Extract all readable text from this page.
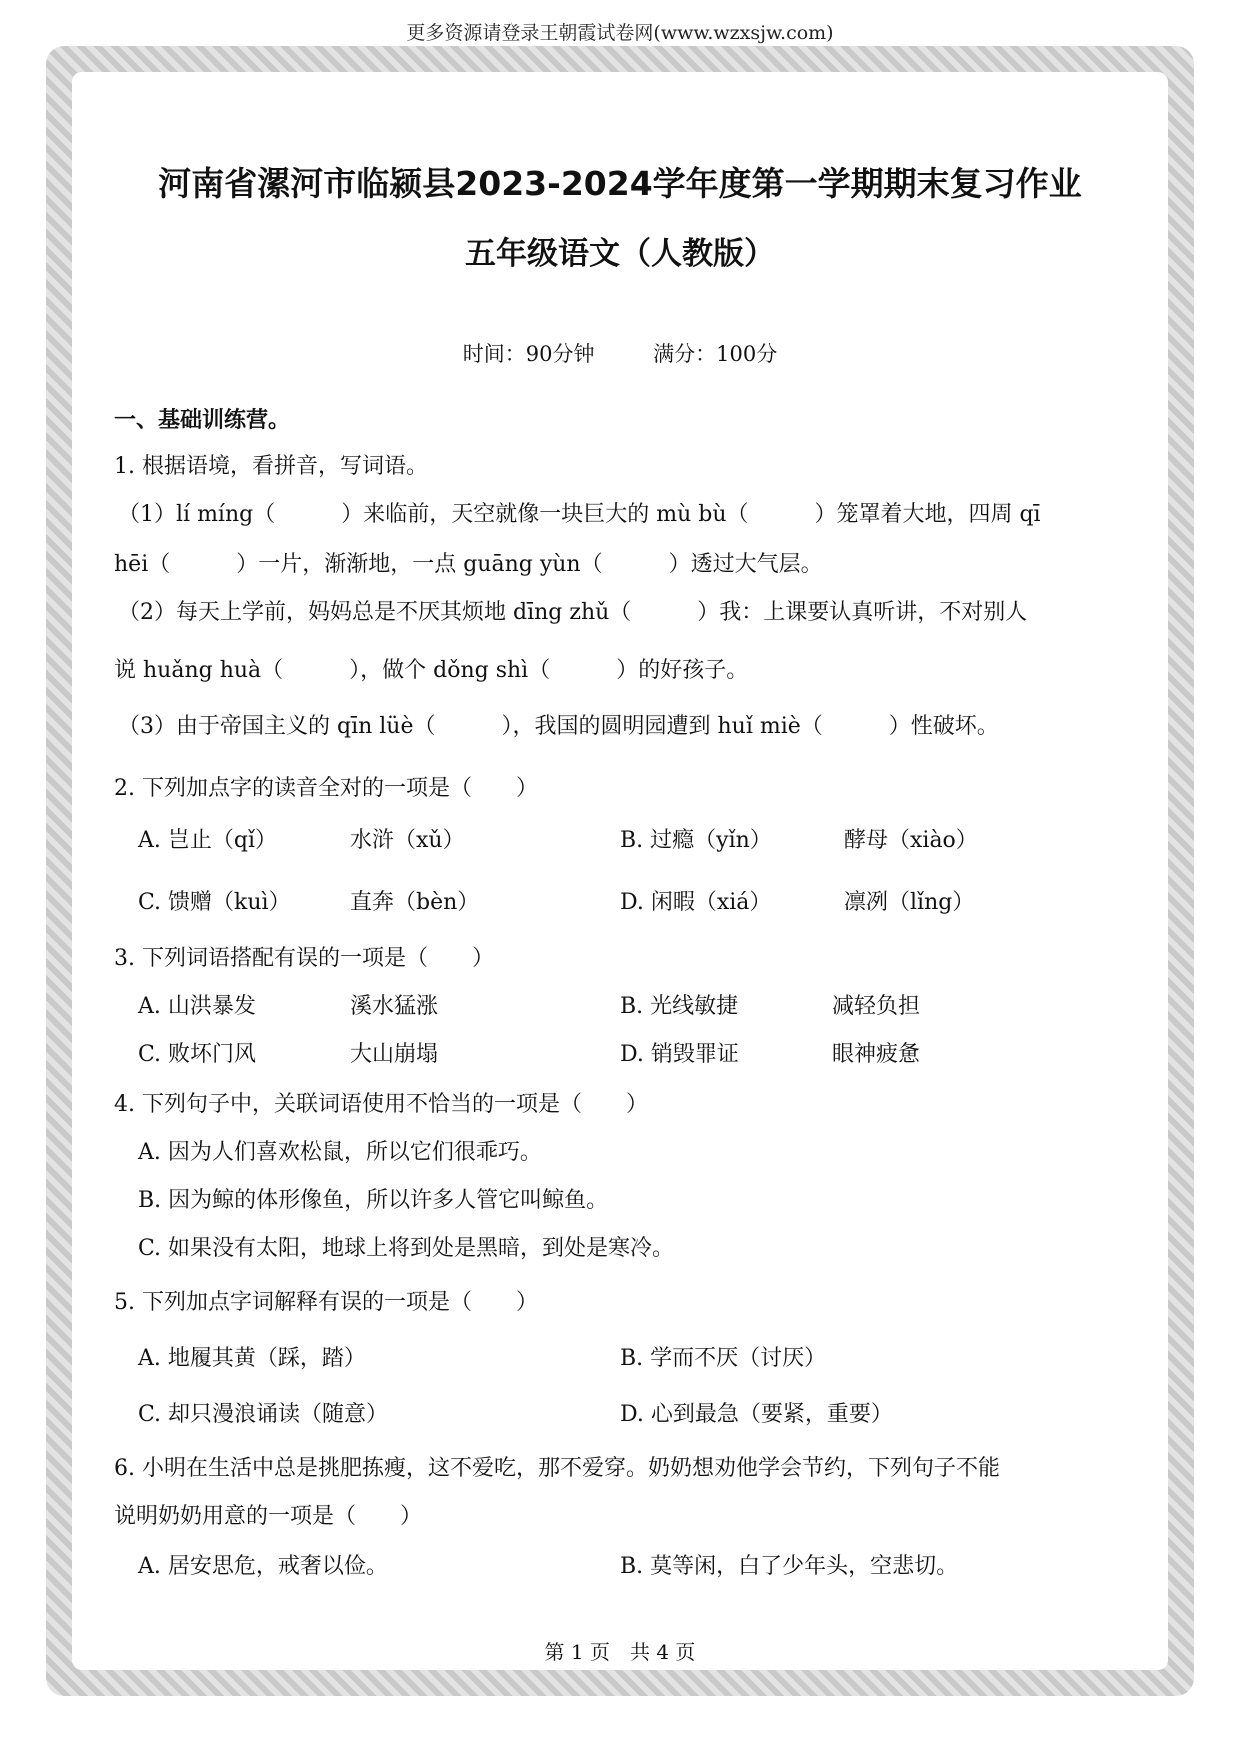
更多资源请登录王朝霞试卷网(www.wzxsjw.com)
河南省漯河市临颍县2023-2024学年度第一学期期末复习作业
五年级语文（人教版）
时间：90分钟	满分：100分
一、基础训练营。
1. 根据语境，看拼音，写词语。
（1）lí míng（　　　）来临前，天空就像一块巨大的 mù bù（　　　）笼罩着大地，四周 qī
hēi（　　　）一片，渐渐地，一点 guāng yùn（　　　）透过大气层。
（2）每天上学前，妈妈总是不厌其烦地 dīng zhǔ（　　　）我：上课要认真听讲，不对别人
说 huǎng huà（　　　），做个 dǒng shì（　　　）的好孩子。
（3）由于帝国主义的 qīn lüè（　　　），我国的圆明园遭到 huǐ miè（　　　）性破坏。
2. 下列加点字的读音全对的一项是（　　）
A. 岂止（qǐ）	水浒（xǔ）	B. 过瘾（yǐn）	酵母（xiào）
C. 馈赠（kuì）	直奔（bèn）	D. 闲暇（xiá）	凛冽（lǐng）
3. 下列词语搭配有误的一项是（　　）
A. 山洪暴发	溪水猛涨	B. 光线敏捷	减轻负担
C. 败坏门风	大山崩塌	D. 销毁罪证	眼神疲惫
4. 下列句子中，关联词语使用不恰当的一项是（　　）
A. 因为人们喜欢松鼠，所以它们很乖巧。
B. 因为鲸的体形像鱼，所以许多人管它叫鲸鱼。
C. 如果没有太阳，地球上将到处是黑暗，到处是寒冷。
5. 下列加点字词解释有误的一项是（　　）
A. 地履其黄（踩，踏）	B. 学而不厌（讨厌）
C. 却只漫浪诵读（随意）	D. 心到最急（要紧，重要）
6. 小明在生活中总是挑肥拣瘦，这不爱吃，那不爱穿。奶奶想劝他学会节约，下列句子不能
说明奶奶用意的一项是（　　）
A. 居安思危，戒奢以俭。	B. 莫等闲，白了少年头，空悲切。
第 1 页　共 4 页
